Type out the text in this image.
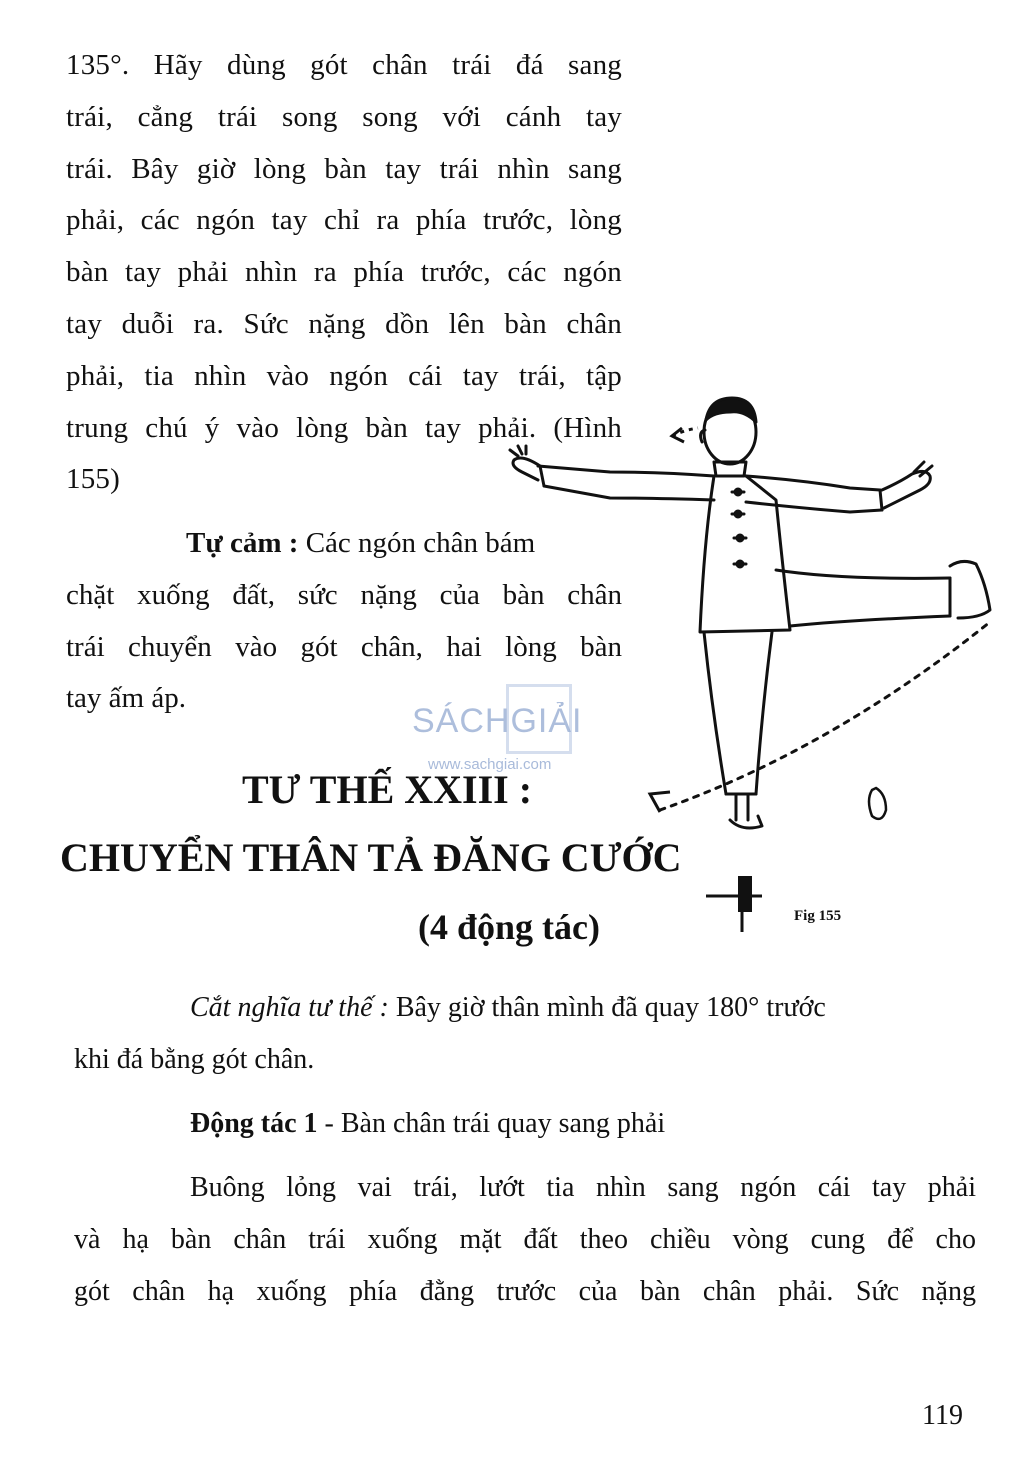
135°. Hãy dùng gót chân trái đá sang
trái, cẳng trái song song với cánh tay
trái. Bây giờ lòng bàn tay trái nhìn sang
phải, các ngón tay chỉ ra phía trước, lòng
bàn tay phải nhìn ra phía trước, các ngón
tay duỗi ra. Sức nặng dồn lên bàn chân
phải, tia nhìn vào ngón cái tay trái, tập
trung chú ý vào lòng bàn tay phải. (Hình
155)
Tự cảm : Các ngón chân bám
chặt xuống đất, sức nặng của bàn chân
trái chuyển vào gót chân, hai lòng bàn
tay ấm áp.
SÁCHGIẢI
www.sachgiai.com
Fig 155
TƯ THẾ XXIII :
CHUYỂN THÂN TẢ ĐĂNG CƯỚC
(4 động tác)
Cắt nghĩa tư thế : Bây giờ thân mình đã quay 180° trước
khi đá bằng gót chân.
Động tác 1 - Bàn chân trái quay sang phải
Buông lỏng vai trái, lướt tia nhìn sang ngón cái tay phải
và hạ bàn chân trái xuống mặt đất theo chiều vòng cung để cho
gót chân hạ xuống phía đằng trước của bàn chân phải. Sức nặng
119
